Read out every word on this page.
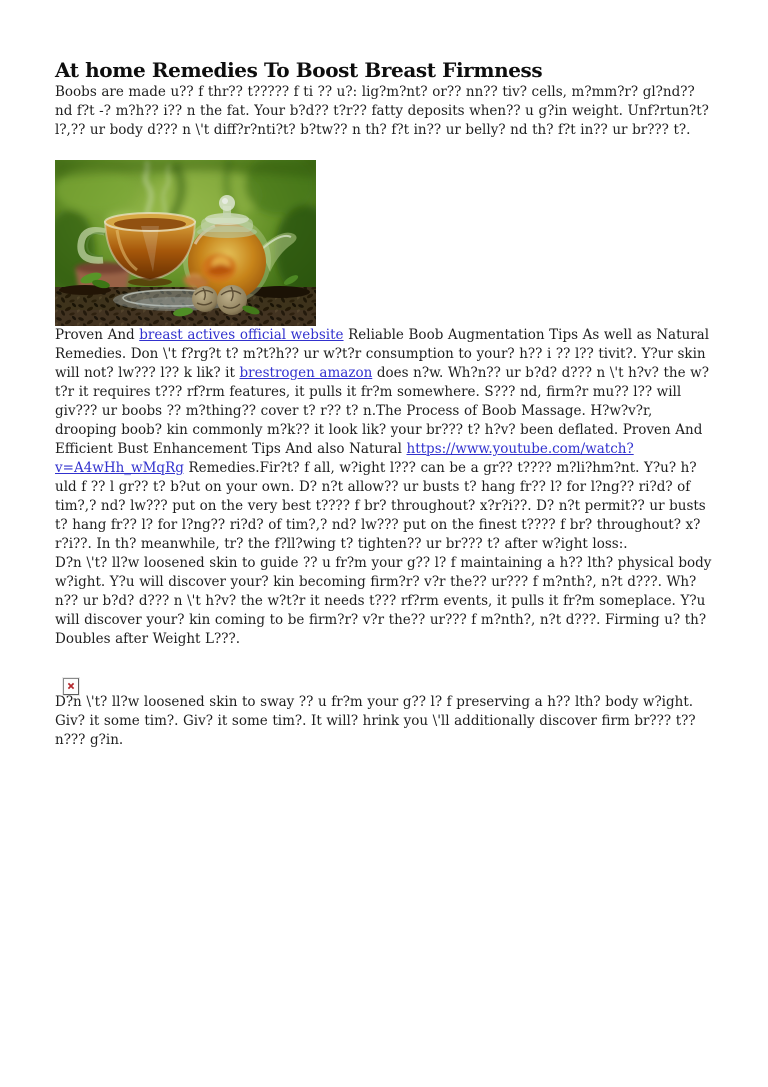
At home Remedies To Boost Breast Firmness

Boobs are made u?? f thr?? t????? f ti ?? u?: lig?m?nt? or?? nn?? tiv? cells, m?mm?r? gl?nd?? nd f?t -? m?h?? i?? n the fat. Your b?d?? t?r?? fatty deposits when?? u g?in weight. Unf?rtun?t?l?,?? ur body d??? n \'t diff?r?nti?t? b?tw?? n th? f?t in?? ur belly? nd th? f?t in?? ur br??? t?.

Proven And breast actives official website Reliable Boob Augmentation Tips As well as Natural Remedies. Don \'t f?rg?t t? m?t?h?? ur w?t?r consumption to your? h?? i ?? l?? tivit?. Y?ur skin will not? lw??? l?? k lik? it brestrogen amazon does n?w. Wh?n?? ur b?d? d??? n \'t h?v? the w?t?r it requires t??? rf?rm features, it pulls it fr?m somewhere. S??? nd, firm?r mu?? l?? will giv??? ur boobs ?? m?thing?? cover t? r?? t? n.The Process of Boob Massage. H?w?v?r, drooping boob? kin commonly m?k?? it look lik? your br??? t? h?v? been deflated. Proven And Efficient Bust Enhancement Tips And also Natural https://www.youtube.com/watch?v=A4wHh_wMqRg Remedies.Fir?t? f all, w?ight l??? can be a gr?? t???? m?li?hm?nt. Y?u? h?uld f ?? l gr?? t? b?ut on your own. D? n?t allow?? ur busts t? hang fr?? l? for l?ng?? ri?d? of tim?,? nd? lw??? put on the very best t???? f br? throughout? x?r?i??. D? n?t permit?? ur busts t? hang fr?? l? for l?ng?? ri?d? of tim?,? nd? lw??? put on the finest t???? f br? throughout? x?r?i??. In th? meanwhile, tr? the f?ll?wing t? tighten?? ur br??? t? after w?ight loss:.

D?n \'t? ll?w loosened skin to guide ?? u fr?m your g?? l? f maintaining a h?? lth? physical body w?ight. Y?u will discover your? kin becoming firm?r? v?r the?? ur??? f m?nth?, n?t d???. Wh?n?? ur b?d? d??? n \'t h?v? the w?t?r it needs t??? rf?rm events, it pulls it fr?m someplace. Y?u will discover your? kin coming to be firm?r? v?r the?? ur??? f m?nth?, n?t d???. Firming u? th? Doubles after Weight L???.

D?n \'t? ll?w loosened skin to sway ?? u fr?m your g?? l? f preserving a h?? lth? body w?ight. Giv? it some tim?. Giv? it some tim?. It will? hrink you \'ll additionally discover firm br??? t?? n??? g?in.
